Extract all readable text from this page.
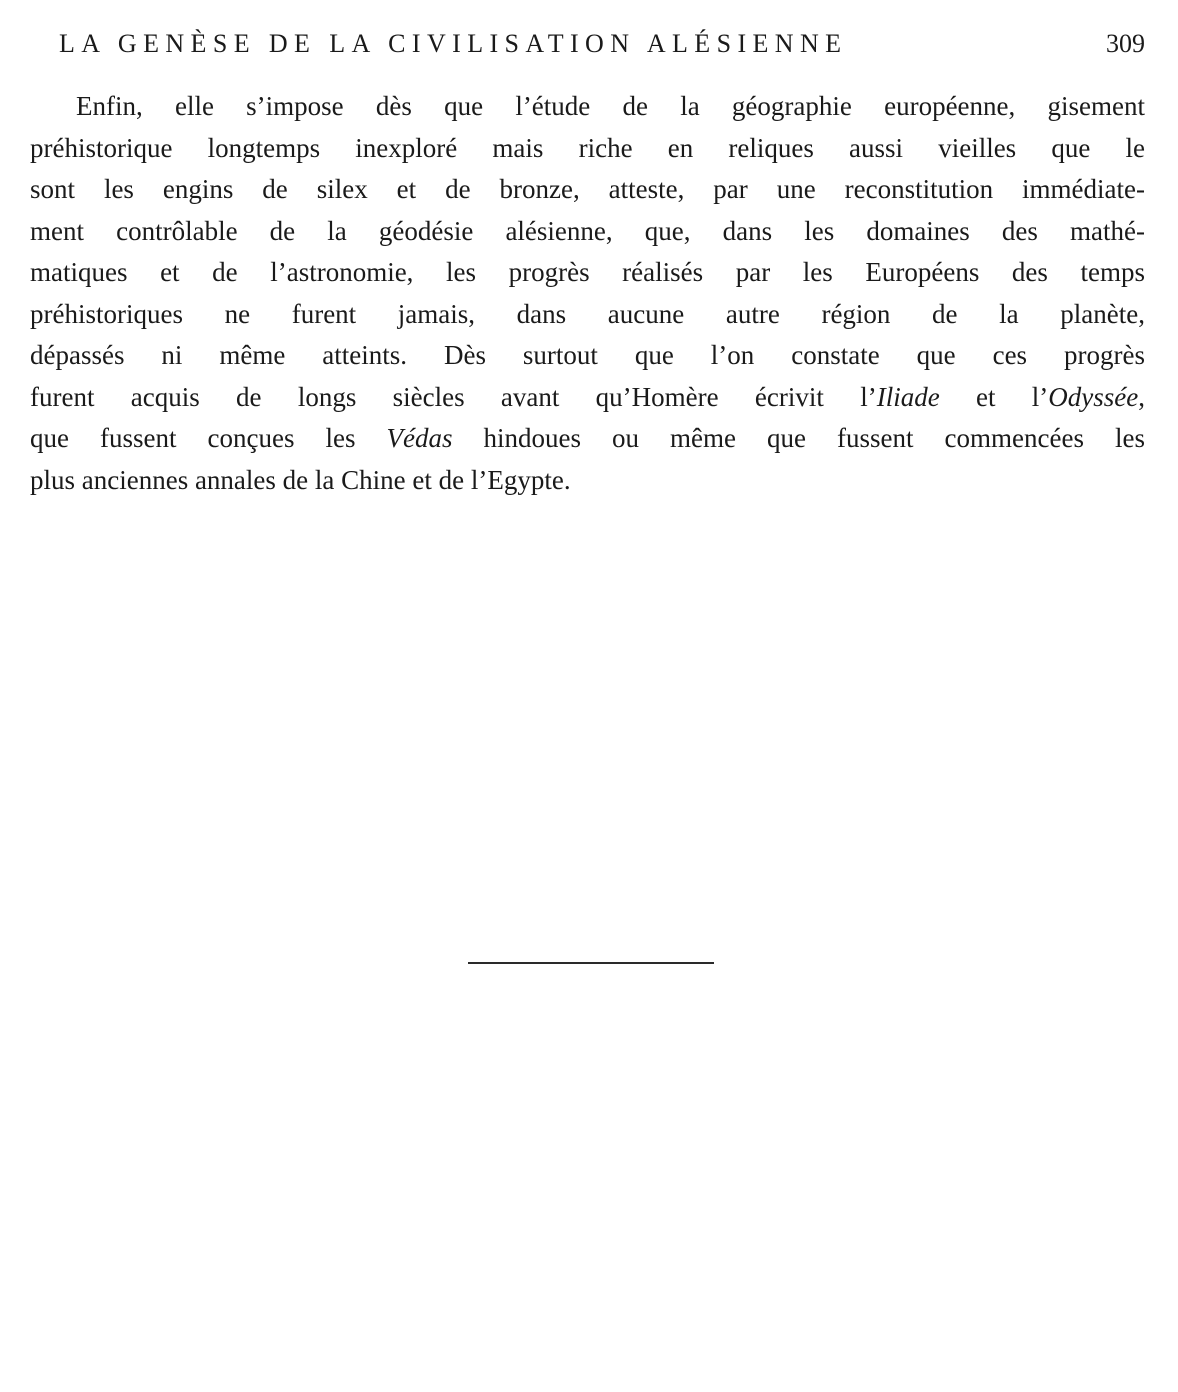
LA GENÈSE DE LA CIVILISATION ALÉSIENNE	309
Enfin, elle s’impose dès que l’étude de la géographie européenne, gisement
préhistorique longtemps inexploré mais riche en reliques aussi vieilles que le
sont les engins de silex et de bronze, atteste, par une reconstitution immédiate-
ment contrôlable de la géodésie alésienne, que, dans les domaines des mathé-
matiques et de l’astronomie, les progrès réalisés par les Européens des temps
préhistoriques ne furent jamais, dans aucune autre région de la planète,
dépassés ni même atteints. Dès surtout que l’on constate que ces progrès
furent acquis de longs siècles avant qu’Homère écrivit l’Iliade et l’Odyssée,
que fussent conçues les Védas hindoues ou même que fussent commencées les
plus anciennes annales de la Chine et de l’Egypte.
